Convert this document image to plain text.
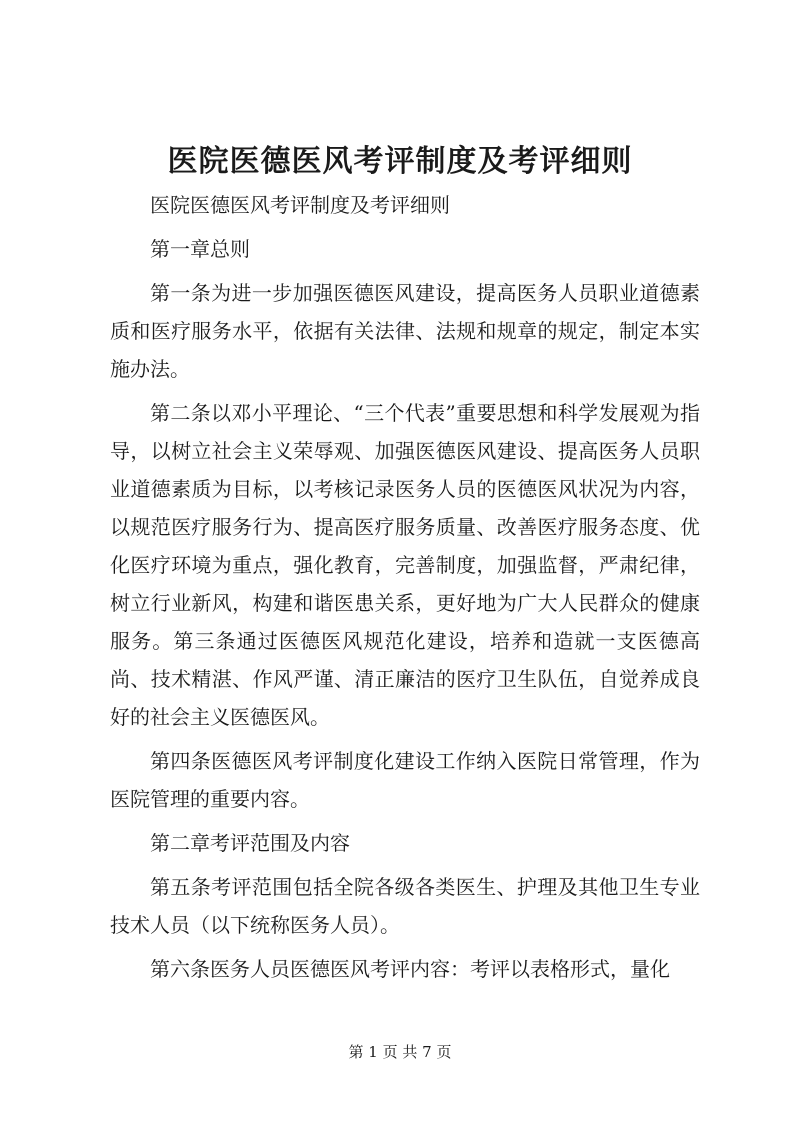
医院医德医风考评制度及考评细则

医院医德医风考评制度及考评细则

第一章总则

第一条为进一步加强医德医风建设，提高医务人员职业道德素质和医疗服务水平，依据有关法律、法规和规章的规定，制定本实施办法。

第二条以邓小平理论、“三个代表”重要思想和科学发展观为指导，以树立社会主义荣辱观、加强医德医风建设、提高医务人员职业道德素质为目标，以考核记录医务人员的医德医风状况为内容，以规范医疗服务行为、提高医疗服务质量、改善医疗服务态度、优化医疗环境为重点，强化教育，完善制度，加强监督，严肃纪律，树立行业新风，构建和谐医患关系，更好地为广大人民群众的健康服务。第三条通过医德医风规范化建设，培养和造就一支医德高尚、技术精湛、作风严谨、清正廉洁的医疗卫生队伍，自觉养成良好的社会主义医德医风。

第四条医德医风考评制度化建设工作纳入医院日常管理，作为医院管理的重要内容。

第二章考评范围及内容

第五条考评范围包括全院各级各类医生、护理及其他卫生专业技术人员（以下统称医务人员）。

第六条医务人员医德医风考评内容：考评以表格形式，量化

第 1 页 共 7 页
